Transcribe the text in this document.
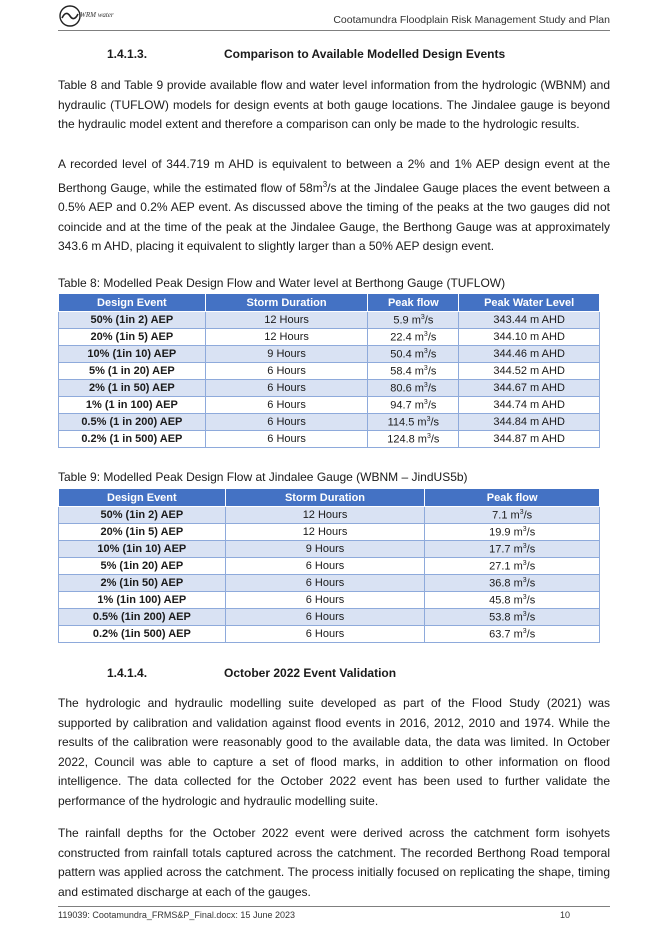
WRM water	Cootamundra Floodplain Risk Management Study and Plan
1.4.1.3.	Comparison to Available Modelled Design Events

Table 8 and Table 9 provide available flow and water level information from the hydrologic (WBNM) and hydraulic (TUFLOW) models for design events at both gauge locations. The Jindalee gauge is beyond the hydraulic model extent and therefore a comparison can only be made to the hydrologic results.

A recorded level of 344.719 m AHD is equivalent to between a 2% and 1% AEP design event at the Berthong Gauge, while the estimated flow of $58m^3/s$ at the Jindalee Gauge places the event between a 0.5% AEP and 0.2% AEP event. As discussed above the timing of the peaks at the two gauges did not coincide and at the time of the peak at the Jindalee Gauge, the Berthong Gauge was at approximately 343.6 m AHD, placing it equivalent to slightly larger than a 50% AEP design event.

Table 8: Modelled Peak Design Flow and Water level at Berthong Gauge (TUFLOW)
Design Event	Storm Duration	Peak flow	Peak Water Level
50% (1in 2) AEP	12 Hours	5.9 $m^3/s$	343.44 m AHD
20% (1in 5) AEP	12 Hours	22.4 $m^3/s$	344.10 m AHD
10% (1in 10) AEP	9 Hours	50.4 $m^3/s$	344.46 m AHD
5% (1 in 20) AEP	6 Hours	58.4 $m^3/s$	344.52 m AHD
2% (1 in 50) AEP	6 Hours	80.6 $m^3/s$	344.67 m AHD
1% (1 in 100) AEP	6 Hours	94.7 $m^3/s$	344.74 m AHD
0.5% (1 in 200) AEP	6 Hours	114.5 $m^3/s$	344.84 m AHD
0.2% (1 in 500) AEP	6 Hours	124.8 $m^3/s$	344.87 m AHD
Table 9: Modelled Peak Design Flow at Jindalee Gauge (WBNM – JindUS5b)
Design Event	Storm Duration	Peak flow
50% (1in 2) AEP	12 Hours	7.1 $m^3/s$
20% (1in 5) AEP	12 Hours	19.9 $m^3/s$
10% (1in 10) AEP	9 Hours	17.7 $m^3/s$
5% (1in 20) AEP	6 Hours	27.1 $m^3/s$
2% (1in 50) AEP	6 Hours	36.8 $m^3/s$
1% (1in 100) AEP	6 Hours	45.8 $m^3/s$
0.5% (1in 200) AEP	6 Hours	53.8 $m^3/s$
0.2% (1in 500) AEP	6 Hours	63.7 $m^3/s$
1.4.1.4.	October 2022 Event Validation

The hydrologic and hydraulic modelling suite developed as part of the Flood Study (2021) was supported by calibration and validation against flood events in 2016, 2012, 2010 and 1974. While the results of the calibration were reasonably good to the available data, the data was limited. In October 2022, Council was able to capture a set of flood marks, in addition to other information on flood intelligence. The data collected for the October 2022 event has been used to further validate the performance of the hydrologic and hydraulic modelling suite.

The rainfall depths for the October 2022 event were derived across the catchment form isohyets constructed from rainfall totals captured across the catchment. The recorded Berthong Road temporal pattern was applied across the catchment. The process initially focused on replicating the shape, timing and estimated discharge at each of the gauges.

119039: Cootamundra_FRMS&P_Final.docx: 15 June 2023	10
